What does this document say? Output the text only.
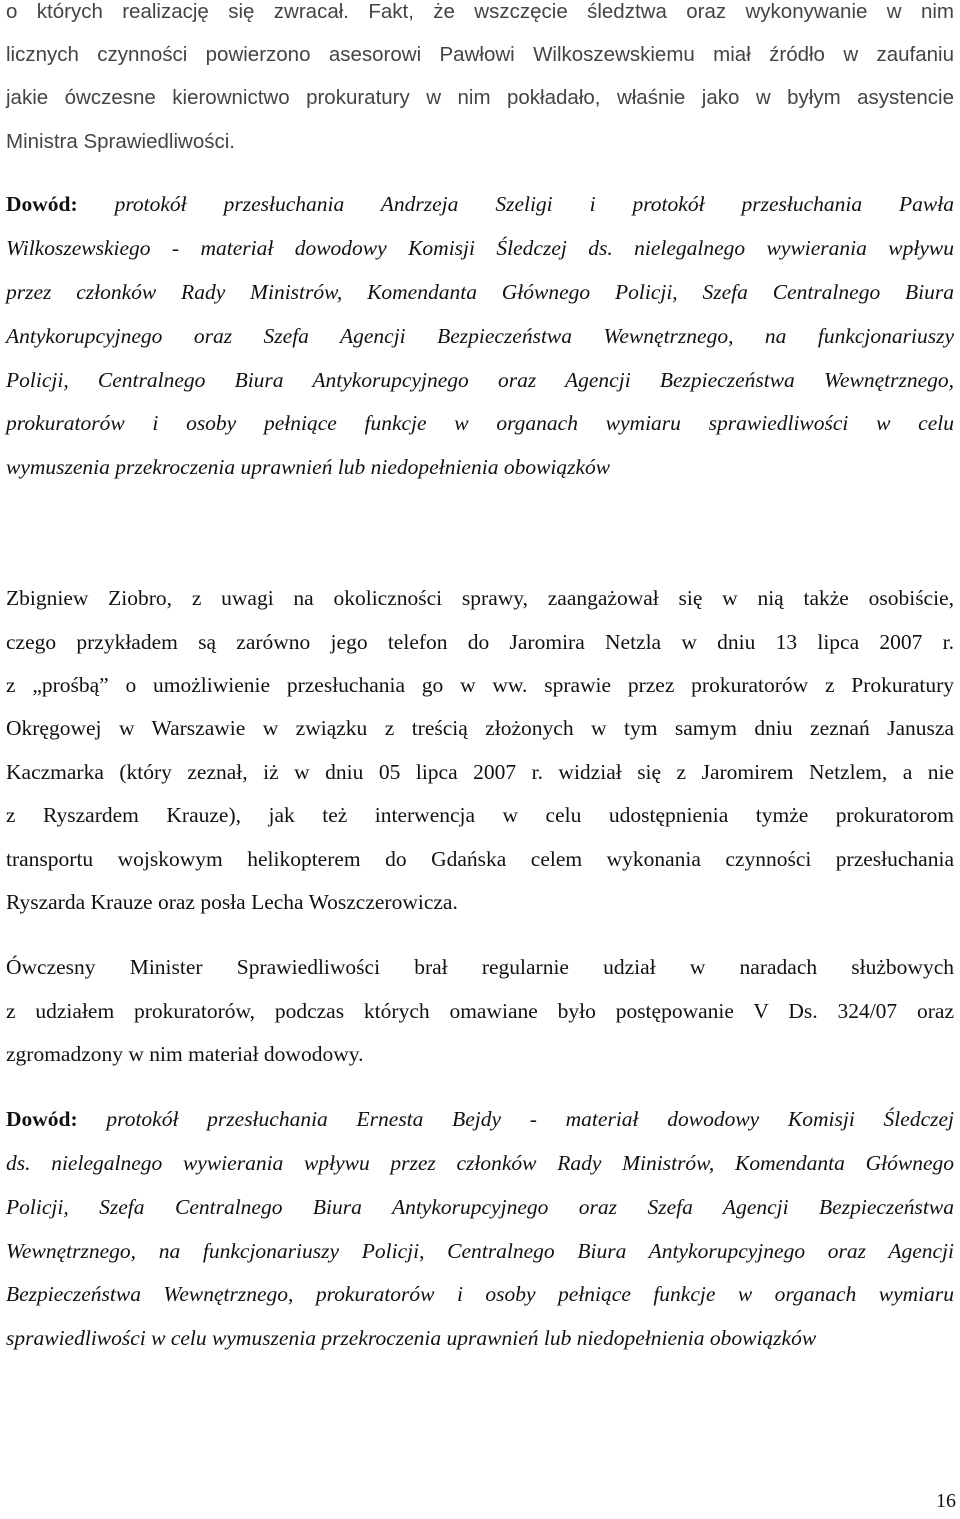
o których realizację się zwracał. Fakt, że wszczęcie śledztwa oraz wykonywanie w nim

licznych czynności powierzono asesorowi Pawłowi Wilkoszewskiemu miał źródło w zaufaniu

jakie ówczesne kierownictwo prokuratury w nim pokładało, właśnie jako w byłym asystencie

Ministra Sprawiedliwości.

Dowód: protokół przesłuchania Andrzeja Szeligi i protokół przesłuchania Pawła

Wilkoszewskiego - materiał dowodowy Komisji Śledczej ds. nielegalnego wywierania wpływu

przez członków Rady Ministrów, Komendanta Głównego Policji, Szefa Centralnego Biura

Antykorupcyjnego oraz Szefa Agencji Bezpieczeństwa Wewnętrznego, na funkcjonariuszy

Policji, Centralnego Biura Antykorupcyjnego oraz Agencji Bezpieczeństwa Wewnętrznego,

prokuratorów i osoby pełniące funkcje w organach wymiaru sprawiedliwości w celu

wymuszenia przekroczenia uprawnień lub niedopełnienia obowiązków

Zbigniew Ziobro, z uwagi na okoliczności sprawy, zaangażował się w nią także osobiście,

czego przykładem są zarówno jego telefon do Jaromira Netzla w dniu 13 lipca 2007 r.

z „prośbą” o umożliwienie przesłuchania go w ww. sprawie przez prokuratorów z Prokuratury

Okręgowej w Warszawie w związku z treścią złożonych w tym samym dniu zeznań Janusza

Kaczmarka (który zeznał, iż w dniu 05 lipca 2007 r. widział się z Jaromirem Netzlem, a nie

z Ryszardem Krauze), jak też interwencja w celu udostępnienia tymże prokuratorom

transportu wojskowym helikopterem do Gdańska celem wykonania czynności przesłuchania

Ryszarda Krauze oraz posła Lecha Woszczerowicza.

Ówczesny Minister Sprawiedliwości brał regularnie udział w naradach służbowych

z udziałem prokuratorów, podczas których omawiane było postępowanie V Ds. 324/07 oraz

zgromadzony w nim materiał dowodowy.

Dowód: protokół przesłuchania Ernesta Bejdy - materiał dowodowy Komisji Śledczej

ds. nielegalnego wywierania wpływu przez członków Rady Ministrów, Komendanta Głównego

Policji, Szefa Centralnego Biura Antykorupcyjnego oraz Szefa Agencji Bezpieczeństwa

Wewnętrznego, na funkcjonariuszy Policji, Centralnego Biura Antykorupcyjnego oraz Agencji

Bezpieczeństwa Wewnętrznego, prokuratorów i osoby pełniące funkcje w organach wymiaru

sprawiedliwości w celu wymuszenia przekroczenia uprawnień lub niedopełnienia obowiązków

16
